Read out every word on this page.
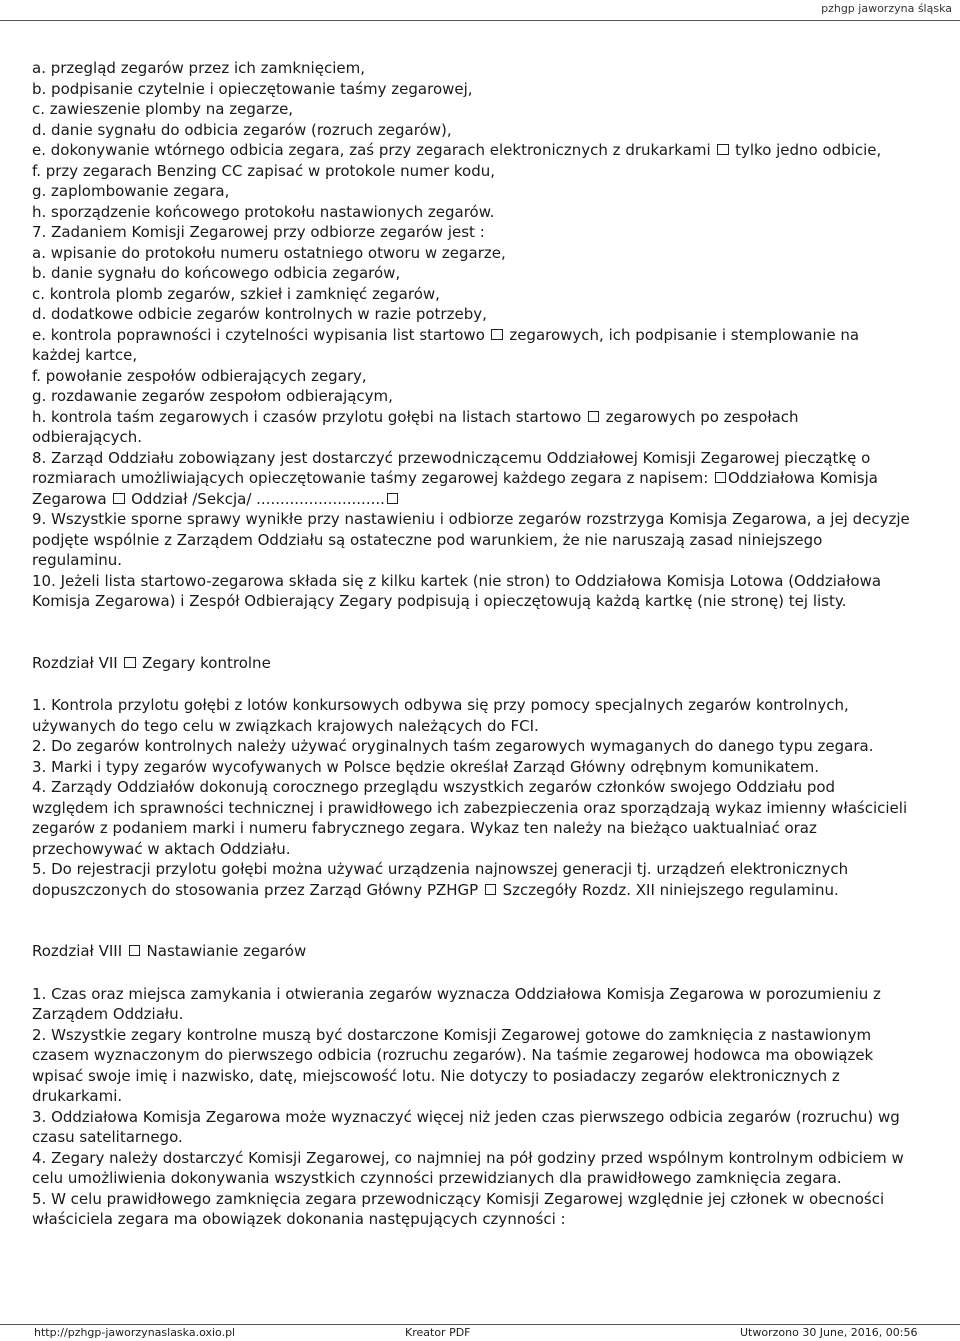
pzhgp jaworzyna śląska

a. przegląd zegarów przez ich zamknięciem,

b. podpisanie czytelnie i opieczętowanie taśmy zegarowej,

c. zawieszenie plomby na zegarze,

d. danie sygnału do odbicia zegarów (rozruch zegarów),

e. dokonywanie wtórnego odbicia zegara, zaś przy zegarach elektronicznych z drukarkami  tylko jedno odbicie,

f. przy zegarach Benzing CC zapisać w protokole numer kodu,

g. zaplombowanie zegara,

h. sporządzenie końcowego protokołu nastawionych zegarów.

7. Zadaniem Komisji Zegarowej przy odbiorze zegarów jest :

a. wpisanie do protokołu numeru ostatniego otworu w zegarze,

b. danie sygnału do końcowego odbicia zegarów,

c. kontrola plomb zegarów, szkieł i zamknięć zegarów,

d. dodatkowe odbicie zegarów kontrolnych w razie potrzeby,

e. kontrola poprawności i czytelności wypisania list startowo  zegarowych, ich podpisanie i stemplowanie na każdej kartce,

f. powołanie zespołów odbierających zegary,

g. rozdawanie zegarów zespołom odbierającym,

h. kontrola taśm zegarowych i czasów przylotu gołębi na listach startowo  zegarowych po zespołach odbierających.

8. Zarząd Oddziału zobowiązany jest dostarczyć przewodniczącemu Oddziałowej Komisji Zegarowej pieczątkę o rozmiarach umożliwiających opieczętowanie taśmy zegarowej każdego zegara z napisem: Oddziałowa Komisja Zegarowa  Oddział /Sekcja/ ...........................

9. Wszystkie sporne sprawy wynikłe przy nastawieniu i odbiorze zegarów rozstrzyga Komisja Zegarowa, a jej decyzje podjęte wspólnie z Zarządem Oddziału są ostateczne pod warunkiem, że nie naruszają zasad niniejszego regulaminu.

10. Jeżeli lista startowo-zegarowa składa się z kilku kartek (nie stron) to Oddziałowa Komisja Lotowa (Oddziałowa Komisja Zegarowa) i Zespół Odbierający Zegary podpisują i opieczętowują każdą kartkę (nie stronę) tej listy.

Rozdział VII  Zegary kontrolne

1. Kontrola przylotu gołębi z lotów konkursowych odbywa się przy pomocy specjalnych zegarów kontrolnych, używanych do tego celu w związkach krajowych należących do FCI.

2. Do zegarów kontrolnych należy używać oryginalnych taśm zegarowych wymaganych do danego typu zegara.

3. Marki i typy zegarów wycofywanych w Polsce będzie określał Zarząd Główny odrębnym komunikatem.

4. Zarządy Oddziałów dokonują corocznego przeglądu wszystkich zegarów członków swojego Oddziału pod względem ich sprawności technicznej i prawidłowego ich zabezpieczenia oraz sporządzają wykaz imienny właścicieli zegarów z podaniem marki i numeru fabrycznego zegara. Wykaz ten należy na bieżąco uaktualniać oraz przechowywać w aktach Oddziału.

5. Do rejestracji przylotu gołębi można używać urządzenia najnowszej generacji tj. urządzeń elektronicznych dopuszczonych do stosowania przez Zarząd Główny PZHGP  Szczegóły Rozdz. XII niniejszego regulaminu.

Rozdział VIII  Nastawianie zegarów

1. Czas oraz miejsca zamykania i otwierania zegarów wyznacza Oddziałowa Komisja Zegarowa w porozumieniu z Zarządem Oddziału.

2. Wszystkie zegary kontrolne muszą być dostarczone Komisji Zegarowej gotowe do zamknięcia z nastawionym czasem wyznaczonym do pierwszego odbicia (rozruchu zegarów). Na taśmie zegarowej hodowca ma obowiązek wpisać swoje imię i nazwisko, datę, miejscowość lotu. Nie dotyczy to posiadaczy zegarów elektronicznych z drukarkami.

3. Oddziałowa Komisja Zegarowa może wyznaczyć więcej niż jeden czas pierwszego odbicia zegarów (rozruchu) wg czasu satelitarnego.

4. Zegary należy dostarczyć Komisji Zegarowej, co najmniej na pół godziny przed wspólnym kontrolnym odbiciem w celu umożliwienia dokonywania wszystkich czynności przewidzianych dla prawidłowego zamknięcia zegara.

5. W celu prawidłowego zamknięcia zegara przewodniczący Komisji Zegarowej względnie jej członek w obecności właściciela zegara ma obowiązek dokonania następujących czynności :

http://pzhgp-jaworzynaslaska.oxio.pl	Kreator PDF	Utworzono 30 June, 2016, 00:56
